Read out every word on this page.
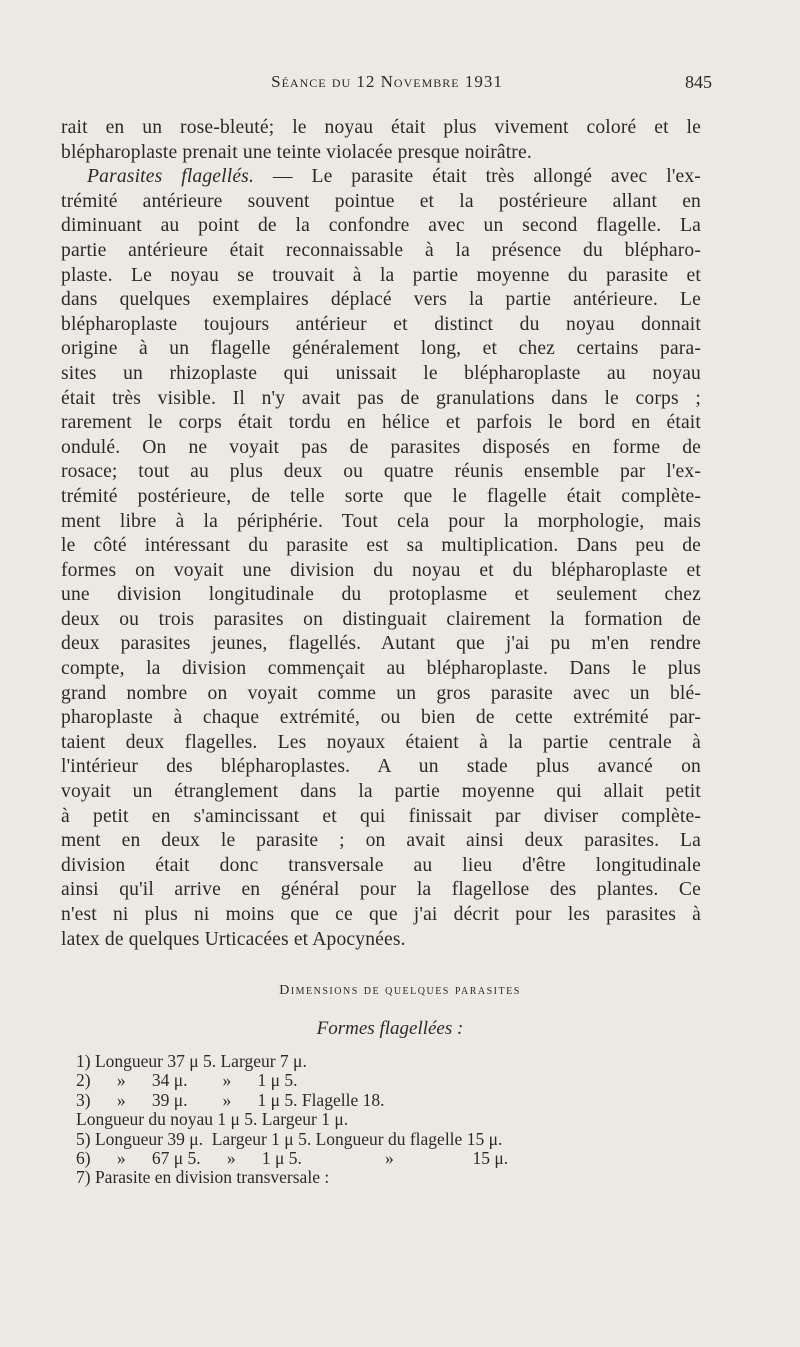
Séance du 12 Novembre 1931	845
rait en un rose-bleuté; le noyau était plus vivement coloré et le
blépharoplaste prenait une teinte violacée presque noirâtre.
Parasites flagellés. — Le parasite était très allongé avec l'ex-
trémité antérieure souvent pointue et la postérieure allant en
diminuant au point de la confondre avec un second flagelle. La
partie antérieure était reconnaissable à la présence du blépharo-
plaste. Le noyau se trouvait à la partie moyenne du parasite et
dans quelques exemplaires déplacé vers la partie antérieure. Le
blépharoplaste toujours antérieur et distinct du noyau donnait
origine à un flagelle généralement long, et chez certains para-
sites un rhizoplaste qui unissait le blépharoplaste au noyau
était très visible. Il n'y avait pas de granulations dans le corps ;
rarement le corps était tordu en hélice et parfois le bord en était
ondulé. On ne voyait pas de parasites disposés en forme de
rosace; tout au plus deux ou quatre réunis ensemble par l'ex-
trémité postérieure, de telle sorte que le flagelle était complète-
ment libre à la périphérie. Tout cela pour la morphologie, mais
le côté intéressant du parasite est sa multiplication. Dans peu de
formes on voyait une division du noyau et du blépharoplaste et
une division longitudinale du protoplasme et seulement chez
deux ou trois parasites on distinguait clairement la formation de
deux parasites jeunes, flagellés. Autant que j'ai pu m'en rendre
compte, la division commençait au blépharoplaste. Dans le plus
grand nombre on voyait comme un gros parasite avec un blé-
pharoplaste à chaque extrémité, ou bien de cette extrémité par-
taient deux flagelles. Les noyaux étaient à la partie centrale à
l'intérieur des blépharoplastes. A un stade plus avancé on
voyait un étranglement dans la partie moyenne qui allait petit
à petit en s'amincissant et qui finissait par diviser complète-
ment en deux le parasite ; on avait ainsi deux parasites. La
division était donc transversale au lieu d'être longitudinale
ainsi qu'il arrive en général pour la flagellose des plantes. Ce
n'est ni plus ni moins que ce que j'ai décrit pour les parasites à
latex de quelques Urticacées et Apocynées.
Dimensions de quelques parasites
Formes flagellées :
1) Longueur 37 μ 5. Largeur 7 μ.
2)      »      34 μ.        »      1 μ 5.
3)      »      39 μ.        »      1 μ 5. Flagelle 18.
Longueur du noyau 1 μ 5. Largeur 1 μ.
5) Longueur 39 μ.  Largeur 1 μ 5. Longueur du flagelle 15 μ.
6)      »      67 μ 5.      »      1 μ 5.                   »                  15 μ.
7) Parasite en division transversale :
